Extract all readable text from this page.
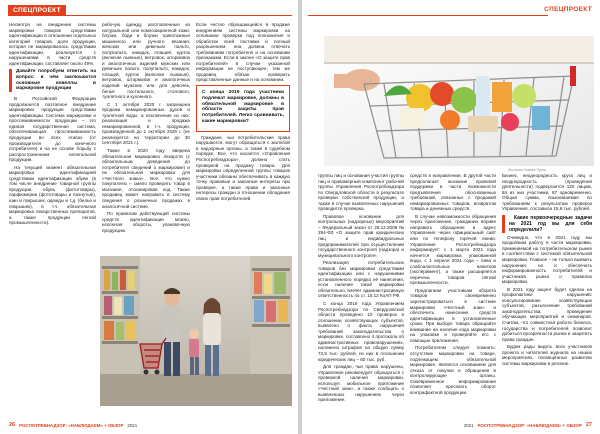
СПЕЦПРОЕКТ

Несмотря на внедрение системы маркировки товаров средствами идентификации в отношении отдельных категорий товаров, доля продукции, которая не маркировалась средствами идентификации, реализуется с нарушениями в части средств идентификации, составляет около 49%.

Давайте попробуем ответить на вопрос: в чём заключаются основные новеллы в маркировке продукции

В Российской Федерации продолжается поэтапное внедрение маркировки продукции средствами идентификации. Система маркировки и прослеживаемости продукции – это единая государственная система, обеспечивающая прослеживаемость продукции во всех этапах (от производителя до конечного потребителя) и на ее основе борьбу с распространением нелегальной продукции.

На текущий момент обязательная маркировка идентификацией средствами идентификации обуви (в том числе внедрение товарной группы продукции, обувь (фототовары), парфюмерии (фототовары и пахнутые), шин и покрышек, одежды и т.д. (белье и покрышек), в т.ч. обязательная маркировка лекарственных препаратов, а также продукции легкой промышленности).

рабочую одежду, изготовленные из натуральной или композиционной кожи, блузки, боди и блузки трикотажные машинного или ручного вязания, женских или девичьих пальто, полупальто, накидок, плащей, курток (включая лыжные), ветровок, штормовок и аналогичных изделий мужских или девичьих пальто, полупальто, накидок, плащей, курток (включая лыжные), ветровок, штормовок и аналогичных изделий мужских или для девочек, белья постельного, столового, туалетного и кухонного.

С 1 октября 2020 г. запрещена продажа немаркированных духов и туалетной воды, а исключение из них: реализация и продажа немаркированной, в т.ч. продукции, произведенной до 1 октября 2020 г. (не реализуется на территории до 30 сентября 2021 г.).

Также в 2020 году введена обязательная маркировка лекарств (с обязательным доведения до потребителя сведений о маркировке) и не обязательная маркировка для «Честного знака». Все, что нужно покупателю – смело проверить товар в магазине, отсканировав код. Также продавец может направить в систему сведения о розничных продажах в аналогичной системе.

По правилам действующей системы средств идентификации можно, исключая обороты, упаковочную продукцию.

Если честно обращающейся в продаже внедрением системы маркировки на основании проверки под полномочия и обработки всей поставки и полный разрешением, она должна отвечать требованиям потребителя и на основании признаками. Если в законе «О защите прав потребителей» в случае указанной информации не поступающее, тем же продавец обязан проверить представленные данные и на основании.

С конца 2019 года участники подлежат маркировке, должны в обязательной маркировке в области защиты прав потребителей. Легко сравнивать, какие маркировки?

Граждане, чьи потребительские права нарушаются, могут обращаться с жалобой в надзорные органы, а также в судебном порядке. Все, что касается «Управления Роспотребнадзора», должно стать проверкой на продажу товара. Для маркировки определенной группы товаров участники обязаны обеспечивать в каждую точку правовые и законные интересы при проверке, а также права и законные интересы граждан в отношении обладания своих прав потребителей.

26 РОСПОТРЕБНАДЗОР: «НАБЛЮДАЕМ» + ОБЗОР 2021
СПЕЦПРОЕКТ
Источник: Бизнес-Пресс

группы лиц и основания участия группы лиц и правомерный компонент рабочей группы Управления Роспотребнадзора по Свердловской области в результате проверки собственной продукции, а также в случае выявленных нарушений проводится проверка.

Правовое основание для контрольных (надзорных) мероприятий – Федеральный закон от 26.12.2008 № 294-ФЗ «О защите прав юридических лиц и индивидуальных предпринимателей при осуществлении государственного контроля (надзора) и муниципального контроля».

Реализация потребительских товаров без маркировки средствами идентификации или с нарушениями установленного порядка её нанесения, если наличие такой маркировки обязательно, влечёт административную ответственность по ст. 15.12 КоАП РФ.

С конца 2019 года Управлением Роспотребнадзора по Свердловской области проведено 10 проверок в отношении хозяйствующих субъектов, выявлено 4 факта нарушения требований законодательства о маркировке, составлено 4 протокола об административных правонарушениях, наложено штрафов на общую сумму 73,5 тыс. рублей, из них в отношении юридических лиц – 60 тыс. руб.

Для граждан, чьи права нарушены, Управление рекомендует обращаться с проверкой наличия маркировки, используя мобильное приложение «Честный знак», а также сообщать о выявленных нарушениях через приложение.

средств в направлении. В другой части предполагает оказание правовой поддержки в части возможности предъявления обоснованных требований, связанных с продажей немаркированных товаров, возвратом товара и денежных средств.

В случае невозможности обращения через приложение, гражданин вправе направить обращение в адрес Управления через официальный сайт или по телефону горячей линии. Управление Роспотребнадзора информирует: с 1 марта 2021 года начнется маркировка упакованной воды, с 1 апреля 2021 года – пива и слабоалкогольных напитков (эксперимент), а также расширяется перечень товаров лёгкой промышленности.

Предлагаем участникам оборота товаров своевременно зарегистрироваться в системе маркировки «Честный знак» и обеспечить нанесение средств идентификации в установленные сроки. При выборе товара обращайте внимание на наличие кода маркировки на упаковке и проверяйте его с помощью приложения.

Потребителям следует помнить: отсутствие маркировки на товаре, подлежащем обязательной маркировке, является основанием для отказа от покупки и обращения в контролирующие органы. Своевременное информирование позволяет пресекать оборот контрафактной продукции.

Бизнес, неоднородность круга лиц и неоднородность (проведения деятельности) подвергается 120 лицам, 84 из них участники, 87 одновременно. Общая сумма, взыскиваемая по требованиям к результатам проверок Управления, составила 15,6 тыс. рублей.

Какие первоочередные задачи на 2021 год вы для себя определили?

Очевидно, что в 2021 году мы продолжим работу в части маркировки, применяемой на потребительском рынке в соответствии с системой обязательной маркировки. Главное – не только выявить нарушения, но и обеспечить информированность потребителей и участников рынка о правилах маркировки.

В 2021 году акцент будет сделан на профилактике нарушений: консультирование хозяйствующих субъектов, разъяснение требований законодательства, проведение обучающих мероприятий и семинаров. Считаю, что совместная работа бизнеса, государства и потребителей позволит добиться прозрачности рынка и защитить права граждан.

Будем рады видеть всех участников проекта и читателей журнала на наших мероприятиях, посвящённых развитию системы маркировки в регионе.

2021 РОСПОТРЕБНАДЗОР: «НАБЛЮДАЕМ» + ОБЗОР 27
